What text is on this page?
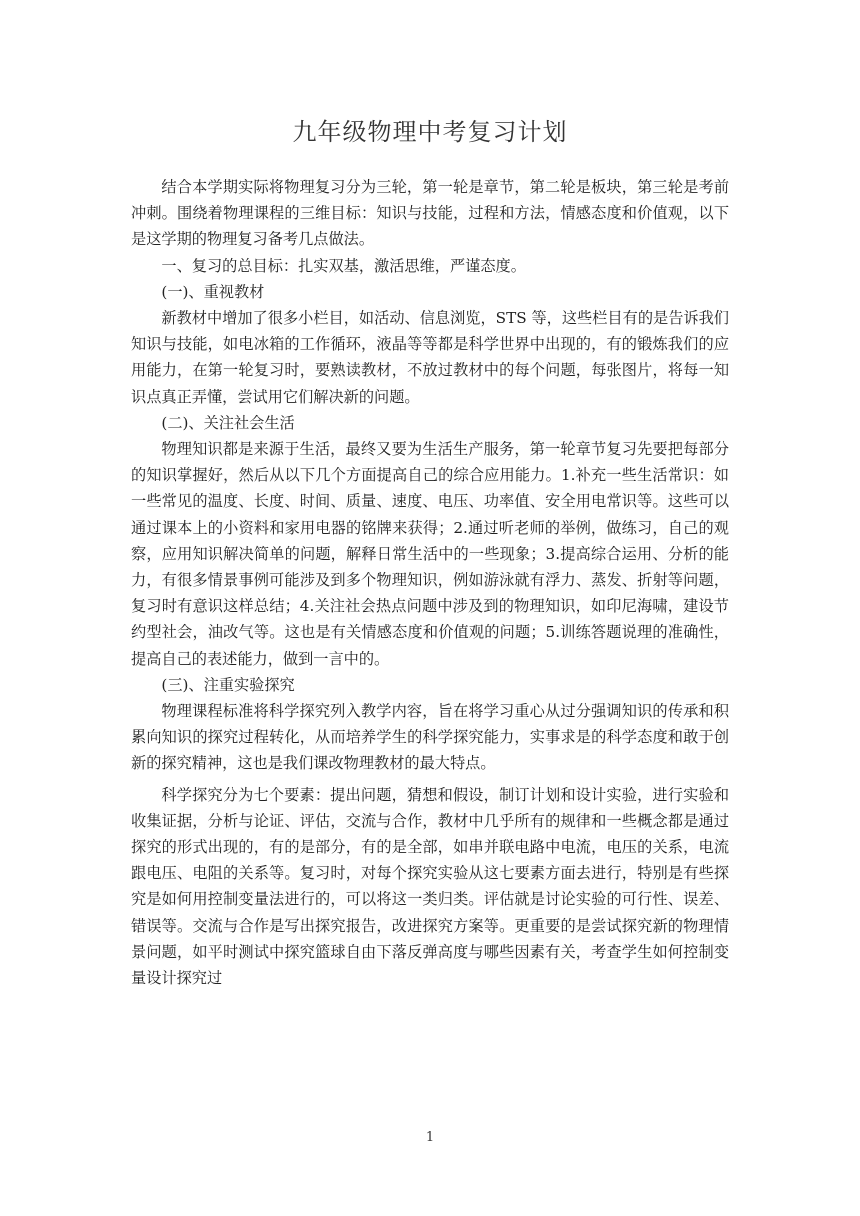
九年级物理中考复习计划

结合本学期实际将物理复习分为三轮，第一轮是章节，第二轮是板块，第三轮是考前冲刺。围绕着物理课程的三维目标：知识与技能，过程和方法，情感态度和价值观，以下是这学期的物理复习备考几点做法。

一、复习的总目标：扎实双基，激活思维，严谨态度。

(一)、重视教材

新教材中增加了很多小栏目，如活动、信息浏览，STS 等，这些栏目有的是告诉我们知识与技能，如电冰箱的工作循环，液晶等等都是科学世界中出现的，有的锻炼我们的应用能力，在第一轮复习时，要熟读教材，不放过教材中的每个问题，每张图片，将每一知识点真正弄懂，尝试用它们解决新的问题。

(二)、关注社会生活

物理知识都是来源于生活，最终又要为生活生产服务，第一轮章节复习先要把每部分的知识掌握好，然后从以下几个方面提高自己的综合应用能力。1.补充一些生活常识：如一些常见的温度、长度、时间、质量、速度、电压、功率值、安全用电常识等。这些可以通过课本上的小资料和家用电器的铭牌来获得；2.通过听老师的举例，做练习，自己的观察，应用知识解决简单的问题，解释日常生活中的一些现象；3.提高综合运用、分析的能力，有很多情景事例可能涉及到多个物理知识，例如游泳就有浮力、蒸发、折射等问题，复习时有意识这样总结；4.关注社会热点问题中涉及到的物理知识，如印尼海啸，建设节约型社会，油改气等。这也是有关情感态度和价值观的问题；5.训练答题说理的准确性，提高自己的表述能力，做到一言中的。

(三)、注重实验探究

物理课程标准将科学探究列入教学内容，旨在将学习重心从过分强调知识的传承和积累向知识的探究过程转化，从而培养学生的科学探究能力，实事求是的科学态度和敢于创新的探究精神，这也是我们课改物理教材的最大特点。

科学探究分为七个要素：提出问题，猜想和假设，制订计划和设计实验，进行实验和收集证据，分析与论证、评估，交流与合作，教材中几乎所有的规律和一些概念都是通过探究的形式出现的，有的是部分，有的是全部，如串并联电路中电流，电压的关系，电流跟电压、电阻的关系等。复习时，对每个探究实验从这七要素方面去进行，特别是有些探究是如何用控制变量法进行的，可以将这一类归类。评估就是讨论实验的可行性、误差、错误等。交流与合作是写出探究报告，改进探究方案等。更重要的是尝试探究新的物理情景问题，如平时测试中探究篮球自由下落反弹高度与哪些因素有关，考查学生如何控制变量设计探究过

1
